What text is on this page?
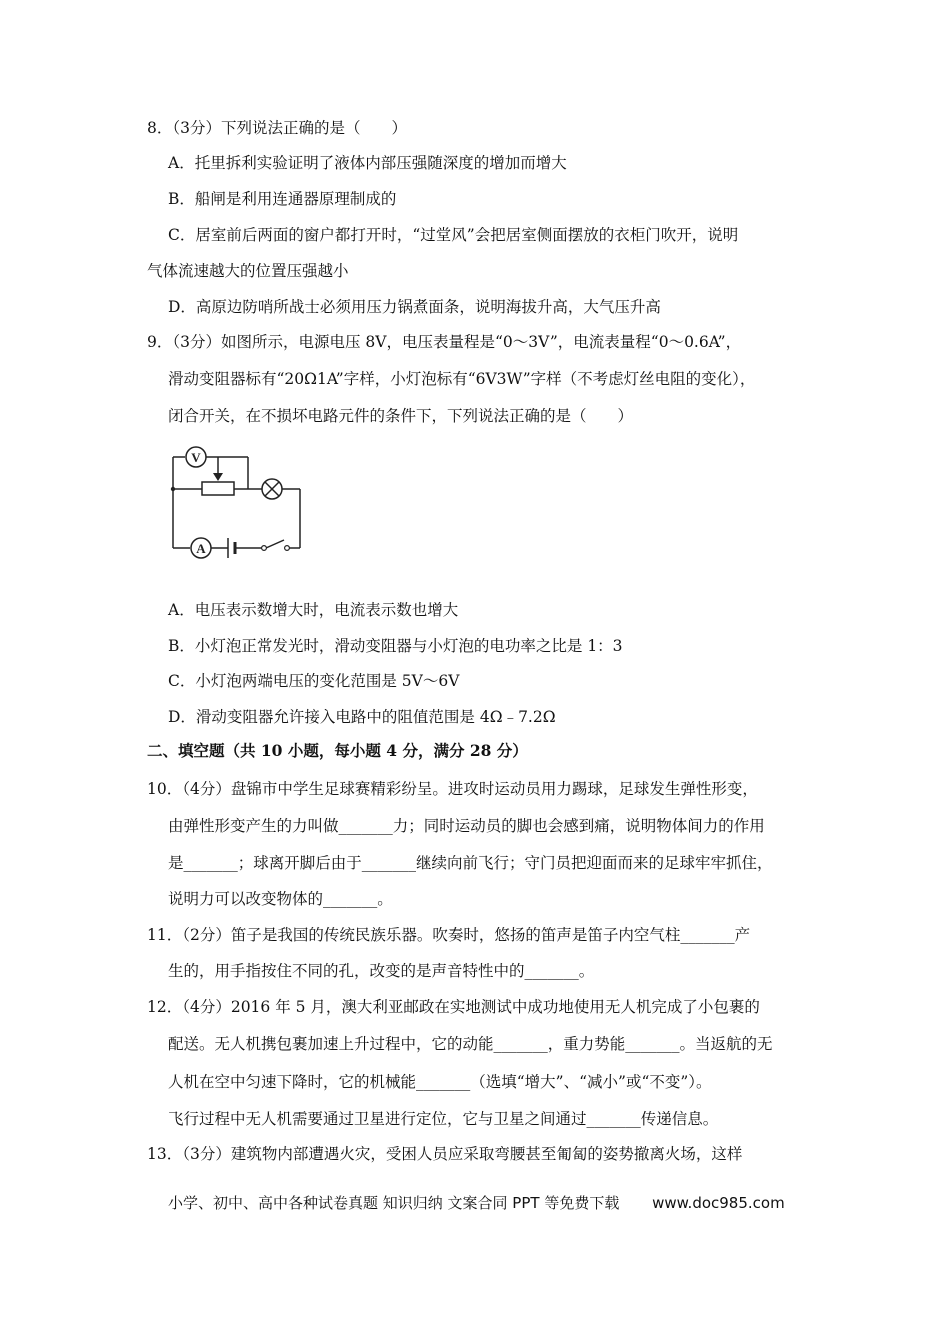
8．（3分）下列说法正确的是（　　）
A．托里拆利实验证明了液体内部压强随深度的增加而增大
B．船闸是利用连通器原理制成的
C．居室前后两面的窗户都打开时，“过堂风”会把居室侧面摆放的衣柜门吹开，说明
气体流速越大的位置压强越小
D．高原边防哨所战士必须用压力锅煮面条，说明海拔升高，大气压升高
9．（3分）如图所示，电源电压 8V，电压表量程是“0～3V”，电流表量程“0～0.6A”，
滑动变阻器标有“20Ω1A”字样，小灯泡标有“6V3W”字样（不考虑灯丝电阻的变化），
闭合开关，在不损坏电路元件的条件下，下列说法正确的是（　　）
V
A
A．电压表示数增大时，电流表示数也增大
B．小灯泡正常发光时，滑动变阻器与小灯泡的电功率之比是 1：3
C．小灯泡两端电压的变化范围是 5V～6V
D．滑动变阻器允许接入电路中的阻值范围是 4Ω﹣7.2Ω
二、填空题（共 10 小题，每小题 4 分，满分 28 分）
10．（4分）盘锦市中学生足球赛精彩纷呈。进攻时运动员用力踢球，足球发生弹性形变，
由弹性形变产生的力叫做_______力；同时运动员的脚也会感到痛，说明物体间力的作用
是_______；球离开脚后由于_______继续向前飞行；守门员把迎面而来的足球牢牢抓住，
说明力可以改变物体的_______。
11．（2分）笛子是我国的传统民族乐器。吹奏时，悠扬的笛声是笛子内空气柱_______产
生的，用手指按住不同的孔，改变的是声音特性中的_______。
12．（4分）2016 年 5 月，澳大利亚邮政在实地测试中成功地使用无人机完成了小包裹的
配送。无人机携包裹加速上升过程中，它的动能_______，重力势能_______。当返航的无
人机在空中匀速下降时，它的机械能_______（选填“增大”、“减小”或“不变”）。
飞行过程中无人机需要通过卫星进行定位，它与卫星之间通过_______传递信息。
13．（3分）建筑物内部遭遇火灾，受困人员应采取弯腰甚至匍匐的姿势撤离火场，这样
小学、初中、高中各种试卷真题 知识归纳 文案合同 PPT 等免费下载 www.doc985.com
